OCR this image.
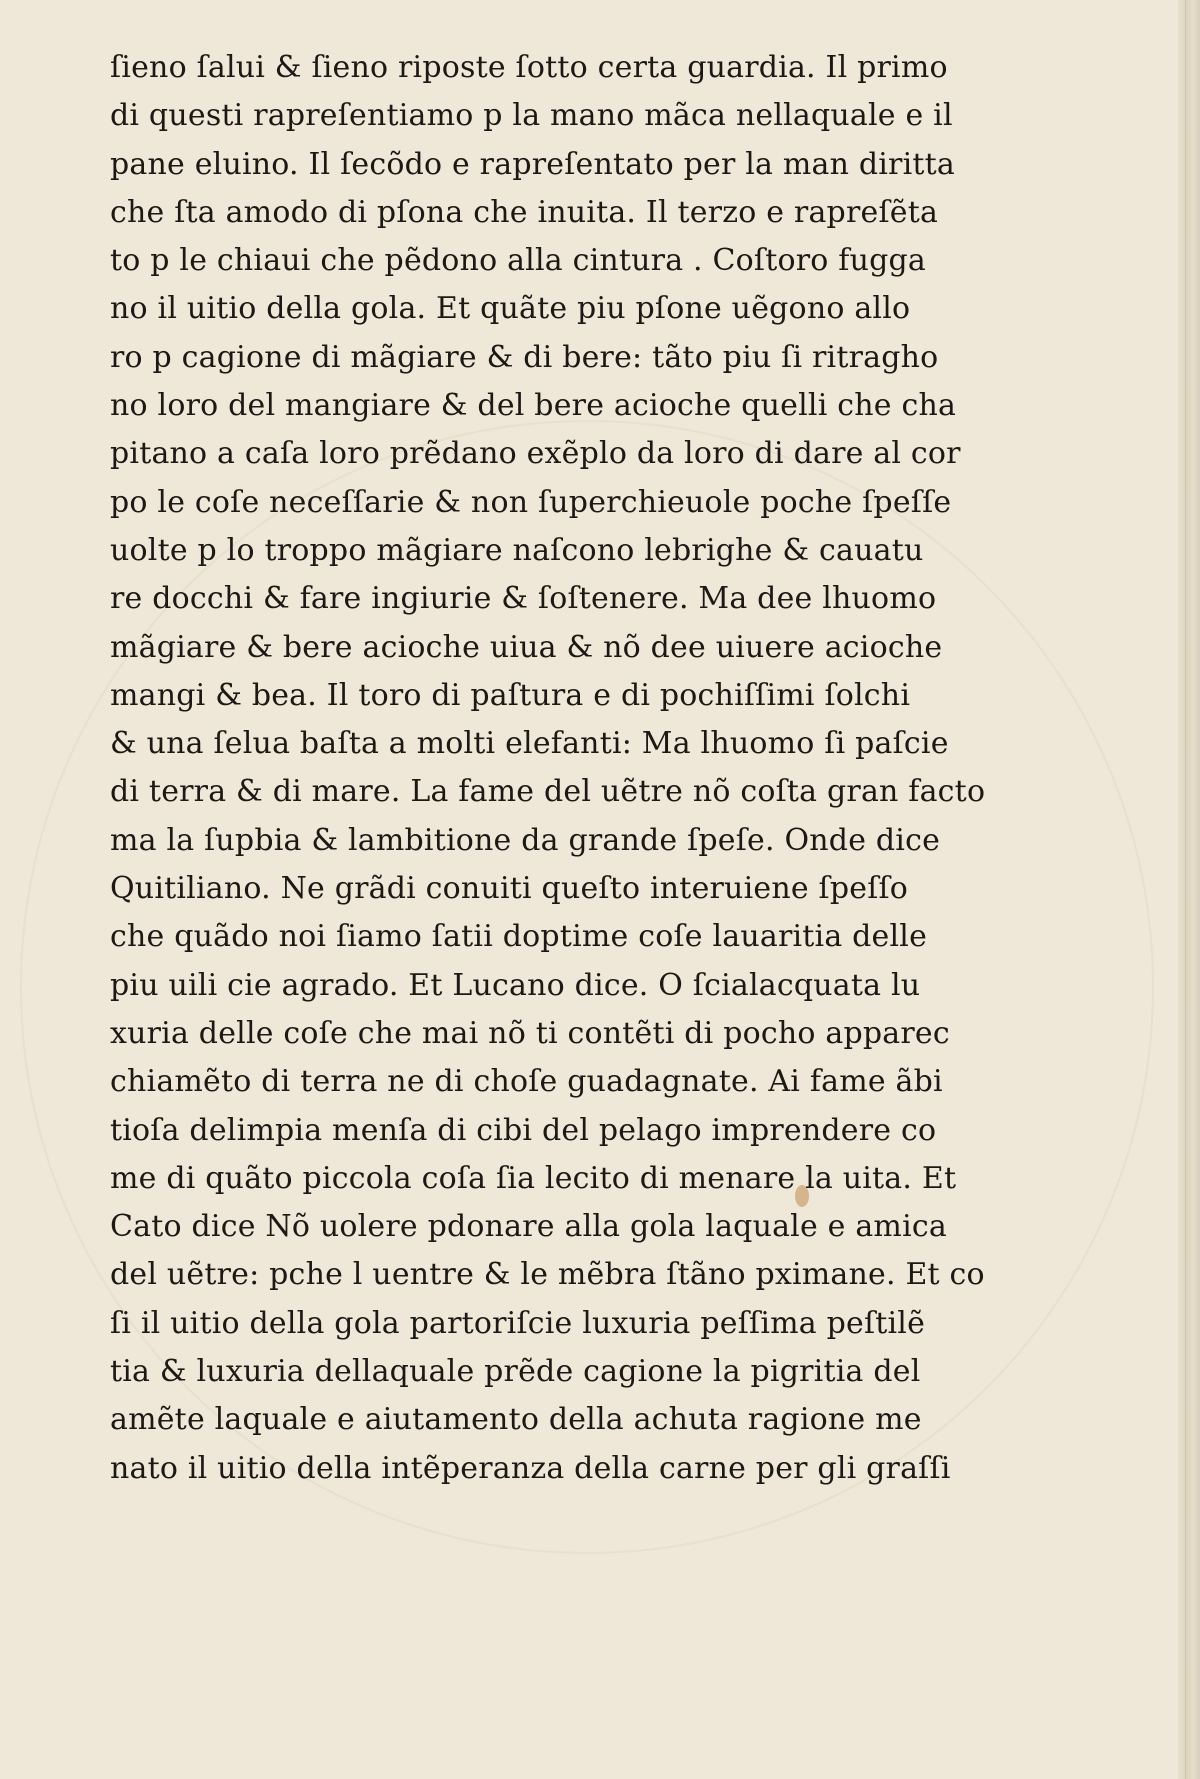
ſieno ſalui & ſieno riposte ſotto certa guardia. Il primo
di questi rapreſentiamo p la mano mãca nellaquale e il
pane eluino. Il ſecõdo e rapreſentato per la man diritta
che ſta amodo di pſona che inuita. Il terzo e rapreſẽta
to p le chiaui che pẽdono alla cintura . Coſtoro fugga
no il uitio della gola. Et quãte piu pſone uẽgono allo
ro p cagione di mãgiare & di bere: tãto piu ſi ritragho
no loro del mangiare & del bere acioche quelli che cha
pitano a caſa loro prẽdano exẽplo da loro di dare al cor
po le coſe neceſſarie & non ſuperchieuole poche ſpeſſe
uolte p lo troppo mãgiare naſcono lebrighe & cauatu
re docchi & fare ingiurie & ſoſtenere. Ma dee lhuomo
mãgiare & bere acioche uiua & nõ dee uiuere acioche
mangi & bea. Il toro di paſtura e di pochiſſimi ſolchi
& una ſelua baſta a molti elefanti: Ma lhuomo ſi paſcie
di terra & di mare. La fame del uẽtre nõ coſta gran facto
ma la ſupbia & lambitione da grande ſpeſe. Onde dice
Quitiliano. Ne grãdi conuiti queſto interuiene ſpeſſo
che quãdo noi ſiamo ſatii doptime coſe lauaritia delle
piu uili cie agrado. Et Lucano dice. O ſcialacquata lu
xuria delle coſe che mai nõ ti contẽti di pocho apparec
chiamẽto di terra ne di choſe guadagnate. Ai fame ãbi
tioſa delimpia menſa di cibi del pelago imprendere co
me di quãto piccola coſa ſia lecito di menare la uita. Et
Cato dice Nõ uolere pdonare alla gola laquale e amica
del uẽtre: pche l uentre & le mẽbra ſtãno pximane. Et co
ſi il uitio della gola partoriſcie luxuria peſſima peſtilẽ
tia & luxuria dellaquale prẽde cagione la pigritia del
amẽte laquale e aiutamento della achuta ragione me
nato il uitio della intẽperanza della carne per gli graſſi
